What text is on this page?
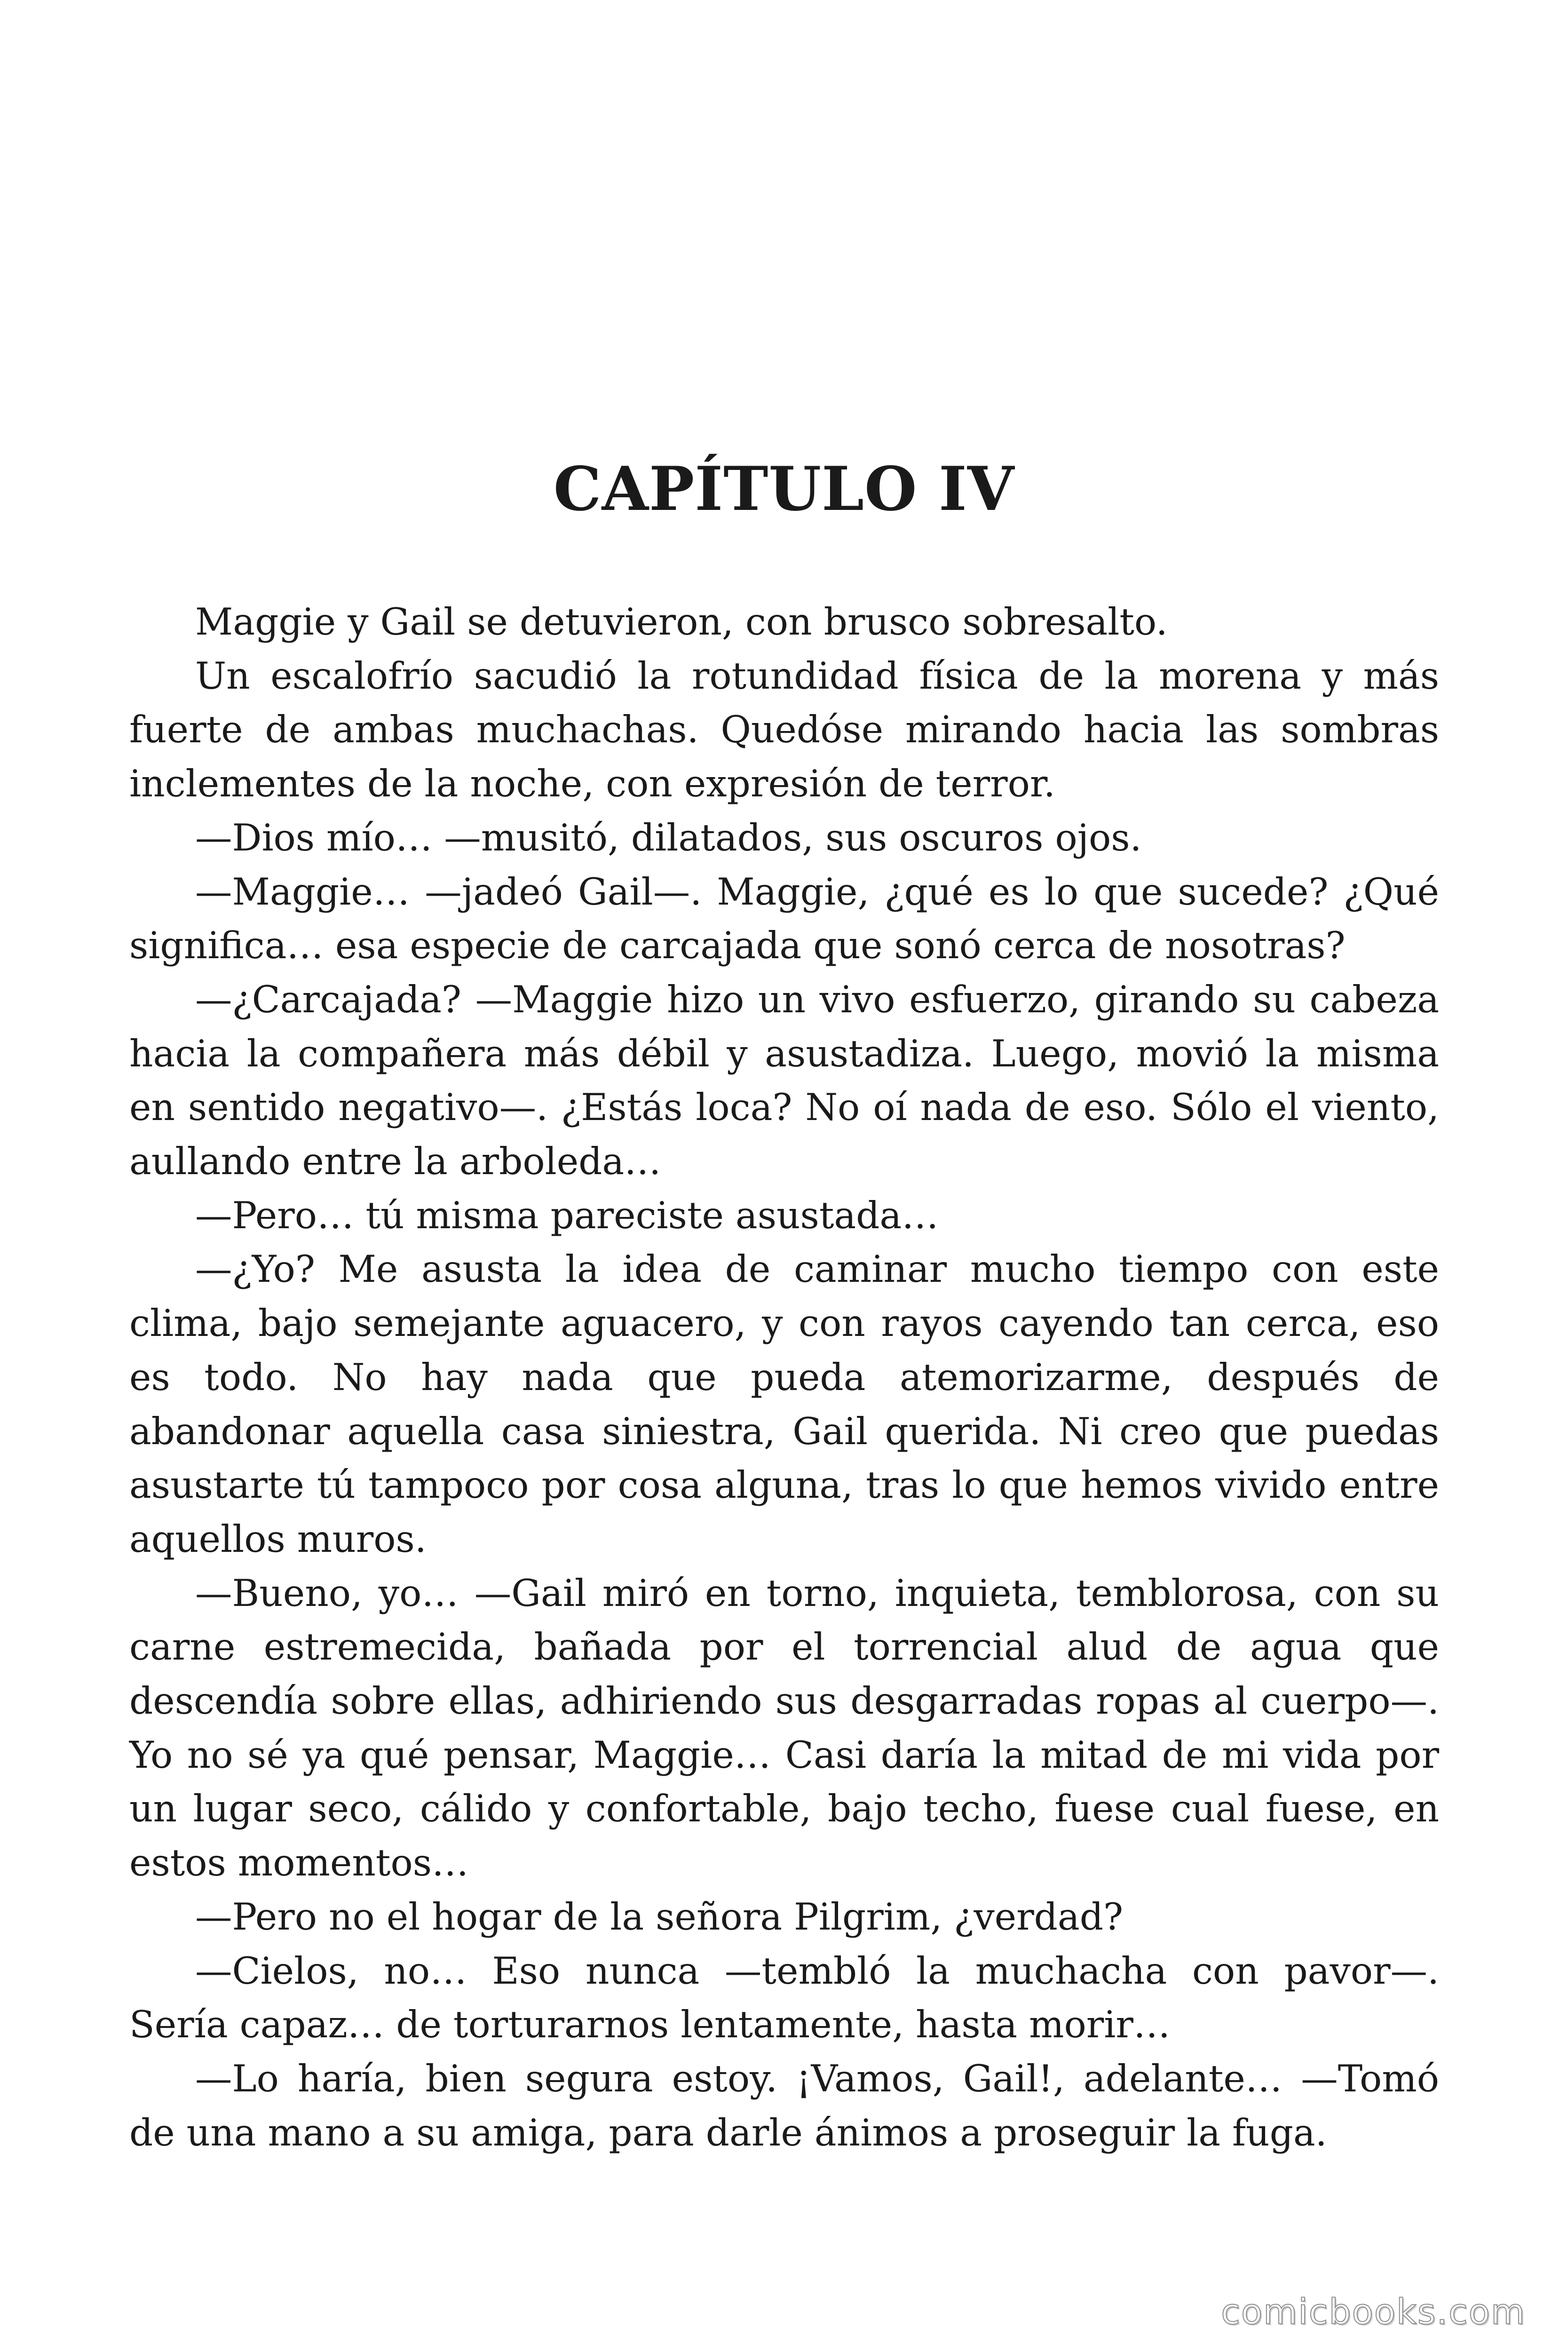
CAPÍTULO IV

Maggie y Gail se detuvieron, con brusco sobresalto.

Un escalofrío sacudió la rotundidad física de la morena y más fuerte de ambas muchachas. Quedóse mirando hacia las sombras inclementes de la noche, con expresión de terror.

—Dios mío… —musitó, dilatados, sus oscuros ojos.

—Maggie… —jadeó Gail—. Maggie, ¿qué es lo que sucede? ¿Qué significa… esa especie de carcajada que sonó cerca de nosotras?

—¿Carcajada? —Maggie hizo un vivo esfuerzo, girando su cabeza hacia la compañera más débil y asustadiza. Luego, movió la misma en sentido negativo—. ¿Estás loca? No oí nada de eso. Sólo el viento, aullando entre la arboleda…

—Pero… tú misma pareciste asustada…

—¿Yo? Me asusta la idea de caminar mucho tiempo con este clima, bajo semejante aguacero, y con rayos cayendo tan cerca, eso es todo. No hay nada que pueda atemorizarme, después de abandonar aquella casa siniestra, Gail querida. Ni creo que puedas asustarte tú tampoco por cosa alguna, tras lo que hemos vivido entre aquellos muros.

—Bueno, yo… —Gail miró en torno, inquieta, temblorosa, con su carne estremecida, bañada por el torrencial alud de agua que descendía sobre ellas, adhiriendo sus desgarradas ropas al cuerpo—. Yo no sé ya qué pensar, Maggie… Casi daría la mitad de mi vida por un lugar seco, cálido y confortable, bajo techo, fuese cual fuese, en estos momentos…

—Pero no el hogar de la señora Pilgrim, ¿verdad?

—Cielos, no… Eso nunca —tembló la muchacha con pavor—. Sería capaz… de torturarnos lentamente, hasta morir…

—Lo haría, bien segura estoy. ¡Vamos, Gail!, adelante… —Tomó de una mano a su amiga, para darle ánimos a proseguir la fuga.

comicbooks.com
